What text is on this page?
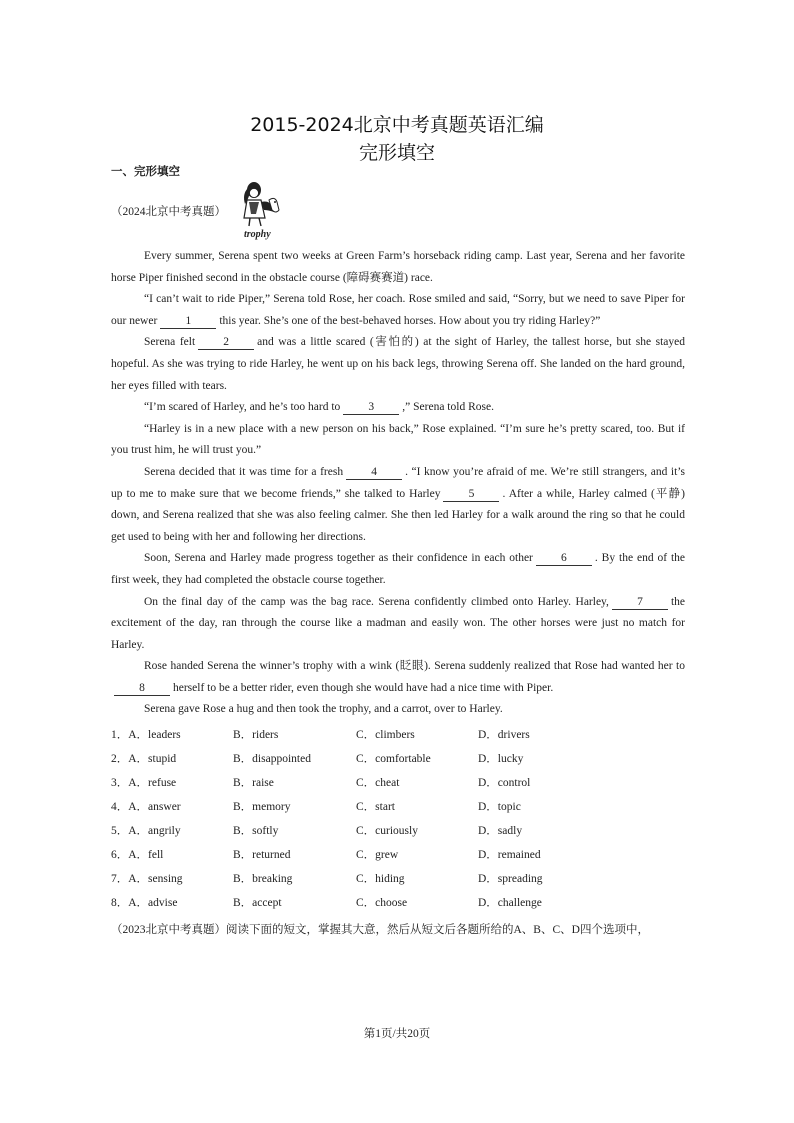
2015-2024北京中考真题英语汇编
完形填空
一、完形填空
（2024北京中考真题）
trophy

Every summer, Serena spent two weeks at Green Farm’s horseback riding camp. Last year, Serena and her favorite horse Piper finished second in the obstacle course (障碍赛赛道) race.

“I can’t wait to ride Piper,” Serena told Rose, her coach. Rose smiled and said, “Sorry, but we need to save Piper for our newer 1 this year. She’s one of the best-behaved horses. How about you try riding Harley?”

Serena felt 2 and was a little scared (害怕的) at the sight of Harley, the tallest horse, but she stayed hopeful. As she was trying to ride Harley, he went up on his back legs, throwing Serena off. She landed on the hard ground, her eyes filled with tears.

“I’m scared of Harley, and he’s too hard to 3 ,” Serena told Rose.

“Harley is in a new place with a new person on his back,” Rose explained. “I’m sure he’s pretty scared, too. But if you trust him, he will trust you.”

Serena decided that it was time for a fresh 4 . “I know you’re afraid of me. We’re still strangers, and it’s up to me to make sure that we become friends,” she talked to Harley 5 . After a while, Harley calmed (平静) down, and Serena realized that she was also feeling calmer. She then led Harley for a walk around the ring so that he could get used to being with her and following her directions.

Soon, Serena and Harley made progress together as their confidence in each other 6 . By the end of the first week, they had completed the obstacle course together.

On the final day of the camp was the bag race. Serena confidently climbed onto Harley. Harley, 7 the excitement of the day, ran through the course like a madman and easily won. The other horses were just no match for Harley.

Rose handed Serena the winner’s trophy with a wink (眨眼). Serena suddenly realized that Rose had wanted her to8 herself to be a better rider, even though she would have had a nice time with Piper.

Serena gave Rose a hug and then took the trophy, and a carrot, over to Harley.

1．A．leaders	B．riders	C．climbers	D．drivers
2．A．stupid	B．disappointed	C．comfortable	D．lucky
3．A．refuse	B．raise	C．cheat	D．control
4．A．answer	B．memory	C．start	D．topic
5．A．angrily	B．softly	C．curiously	D．sadly
6．A．fell	B．returned	C．grew	D．remained
7．A．sensing	B．breaking	C．hiding	D．spreading
8．A．advise	B．accept	C．choose	D．challenge
（2023北京中考真题）阅读下面的短文，掌握其大意，然后从短文后各题所给的A、B、C、D四个选项中，
第1页/共20页
